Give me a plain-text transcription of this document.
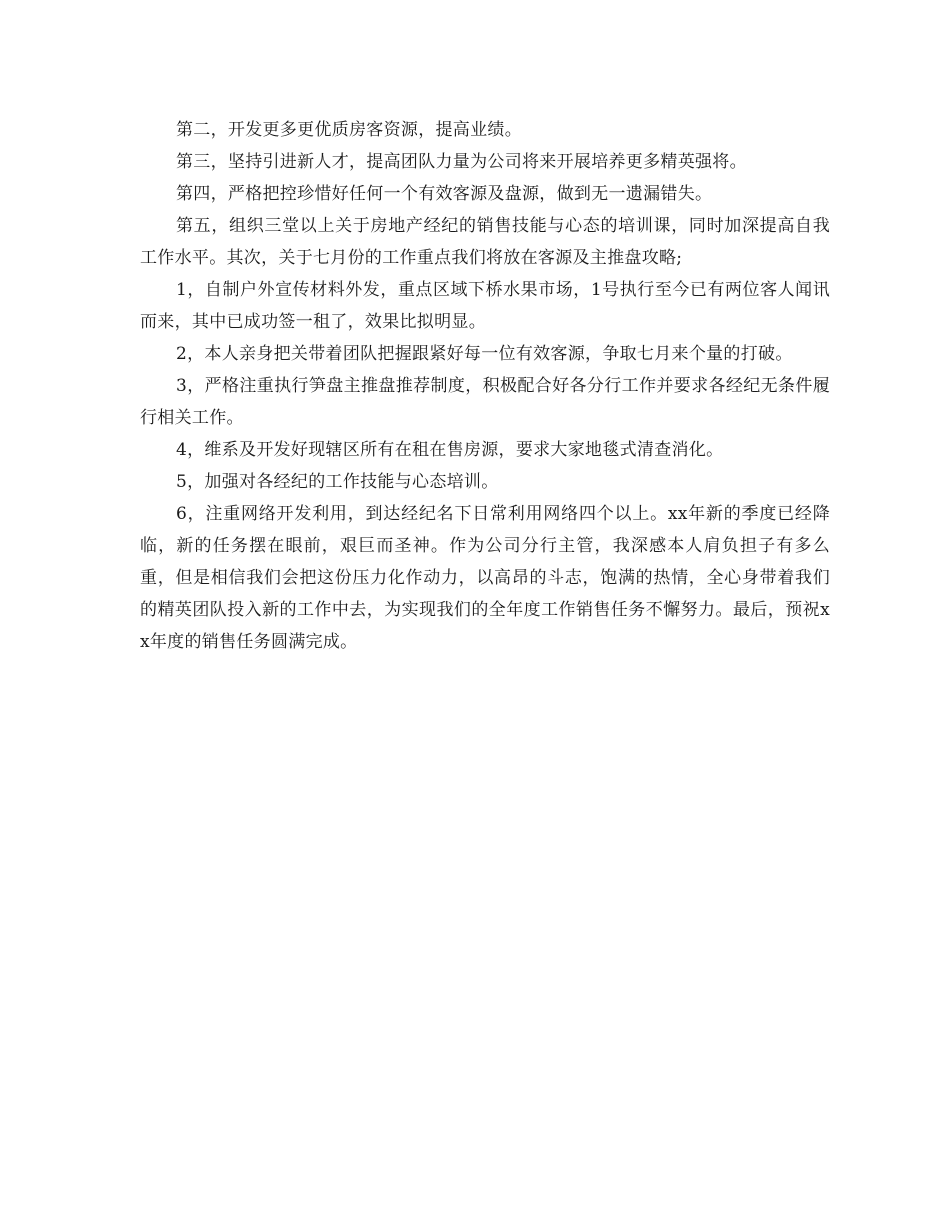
第二，开发更多更优质房客资源，提高业绩。

第三，坚持引进新人才，提高团队力量为公司将来开展培养更多精英强将。

第四，严格把控珍惜好任何一个有效客源及盘源，做到无一遗漏错失。

第五，组织三堂以上关于房地产经纪的销售技能与心态的培训课，同时加深提高自我工作水平。其次，关于七月份的工作重点我们将放在客源及主推盘攻略;

1，自制户外宣传材料外发，重点区域下桥水果市场，1号执行至今已有两位客人闻讯而来，其中已成功签一租了，效果比拟明显。

2，本人亲身把关带着团队把握跟紧好每一位有效客源，争取七月来个量的打破。

3，严格注重执行笋盘主推盘推荐制度，积极配合好各分行工作并要求各经纪无条件履行相关工作。

4，维系及开发好现辖区所有在租在售房源，要求大家地毯式清查消化。

5，加强对各经纪的工作技能与心态培训。

6，注重网络开发利用，到达经纪名下日常利用网络四个以上。xx年新的季度已经降临，新的任务摆在眼前，艰巨而圣神。作为公司分行主管，我深感本人肩负担子有多么重，但是相信我们会把这份压力化作动力，以高昂的斗志，饱满的热情，全心身带着我们的精英团队投入新的工作中去，为实现我们的全年度工作销售任务不懈努力。最后，预祝xx年度的销售任务圆满完成。
